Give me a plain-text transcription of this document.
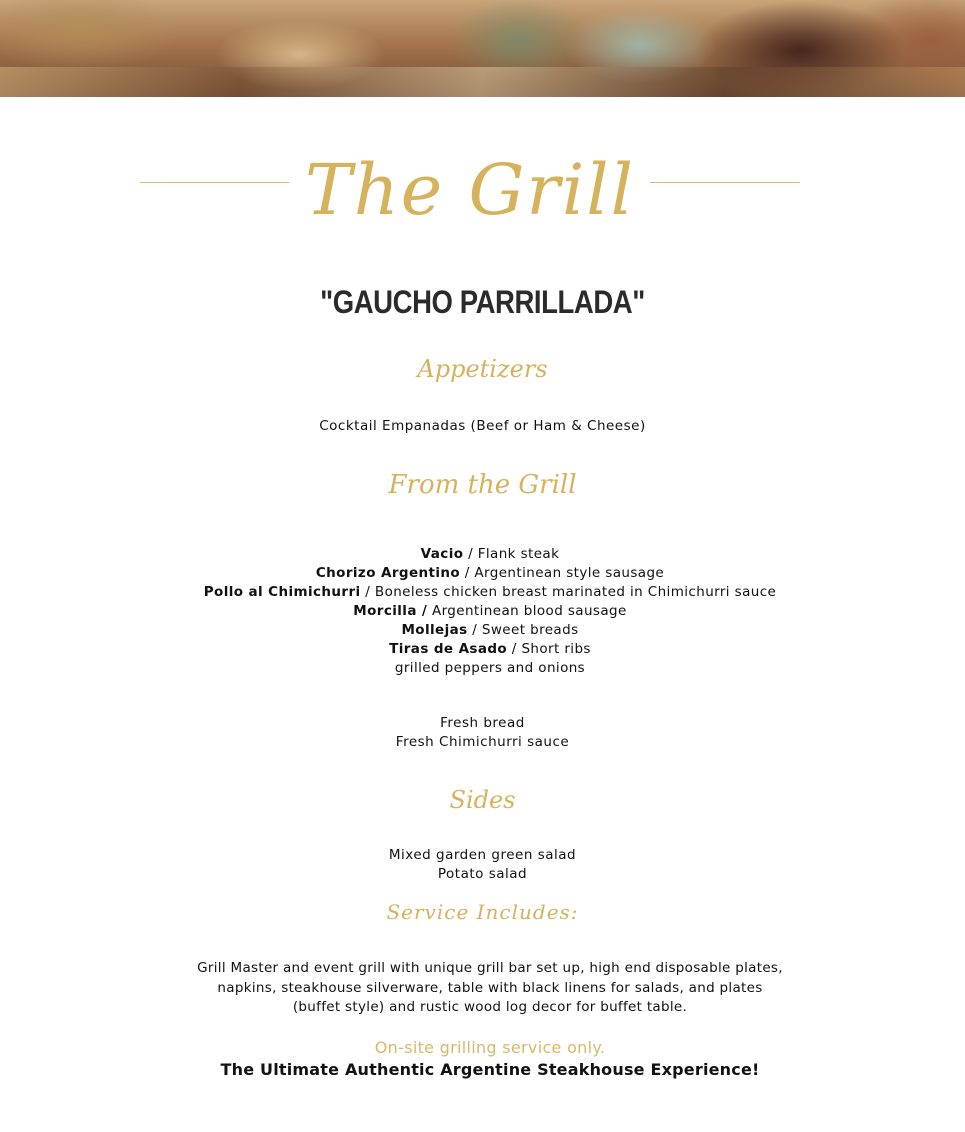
The Grill
"GAUCHO PARRILLADA"
Appetizers
Cocktail Empanadas (Beef or Ham & Cheese)
From the Grill
Vacio / Flank steak
Chorizo Argentino / Argentinean style sausage
Pollo al Chimichurri / Boneless chicken breast marinated in Chimichurri sauce
Morcilla / Argentinean blood sausage
Mollejas / Sweet breads
Tiras de Asado / Short ribs
grilled peppers and onions
Fresh bread
Fresh Chimichurri sauce
Sides
Mixed garden green salad
Potato salad
Service Includes:
Grill Master and event grill with unique grill bar set up, high end disposable plates, napkins, steakhouse silverware, table with black linens for salads, and plates (buffet style) and rustic wood log decor for buffet table.
On-site grilling service only.
The Ultimate Authentic Argentine Steakhouse Experience!
